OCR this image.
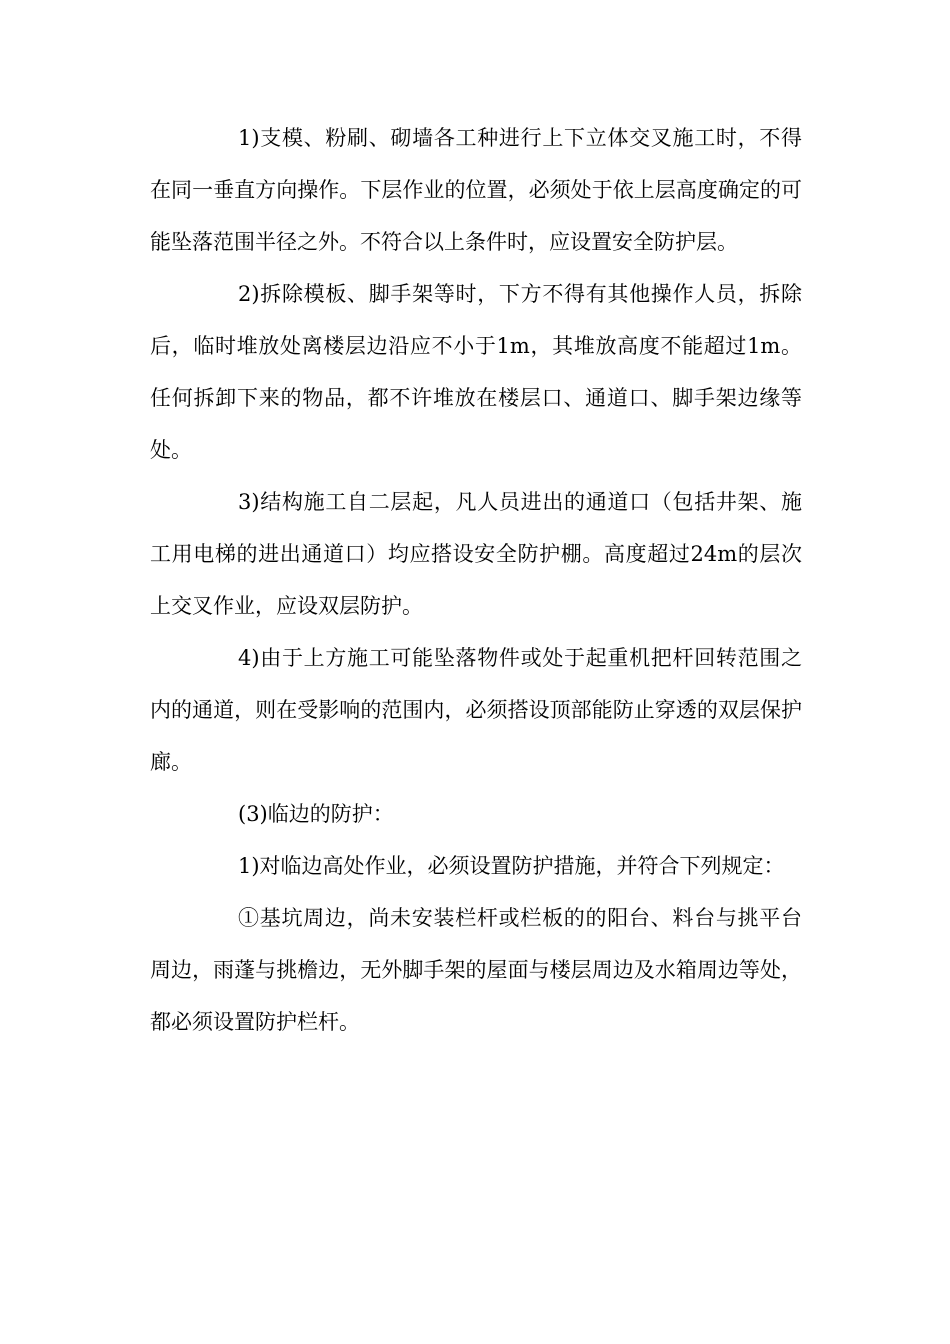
1)支模、粉刷、砌墙各工种进行上下立体交叉施工时，不得在同一垂直方向操作。下层作业的位置，必须处于依上层高度确定的可能坠落范围半径之外。不符合以上条件时，应设置安全防护层。

2)拆除模板、脚手架等时，下方不得有其他操作人员，拆除后，临时堆放处离楼层边沿应不小于1m，其堆放高度不能超过1m。任何拆卸下来的物品，都不许堆放在楼层口、通道口、脚手架边缘等处。

3)结构施工自二层起，凡人员进出的通道口（包括井架、施工用电梯的进出通道口）均应搭设安全防护棚。高度超过24m的层次上交叉作业，应设双层防护。

4)由于上方施工可能坠落物件或处于起重机把杆回转范围之内的通道，则在受影响的范围内，必须搭设顶部能防止穿透的双层保护廊。

(3)临边的防护：

1)对临边高处作业，必须设置防护措施，并符合下列规定：

①基坑周边，尚未安装栏杆或栏板的的阳台、料台与挑平台周边，雨蓬与挑檐边，无外脚手架的屋面与楼层周边及水箱周边等处，都必须设置防护栏杆。
